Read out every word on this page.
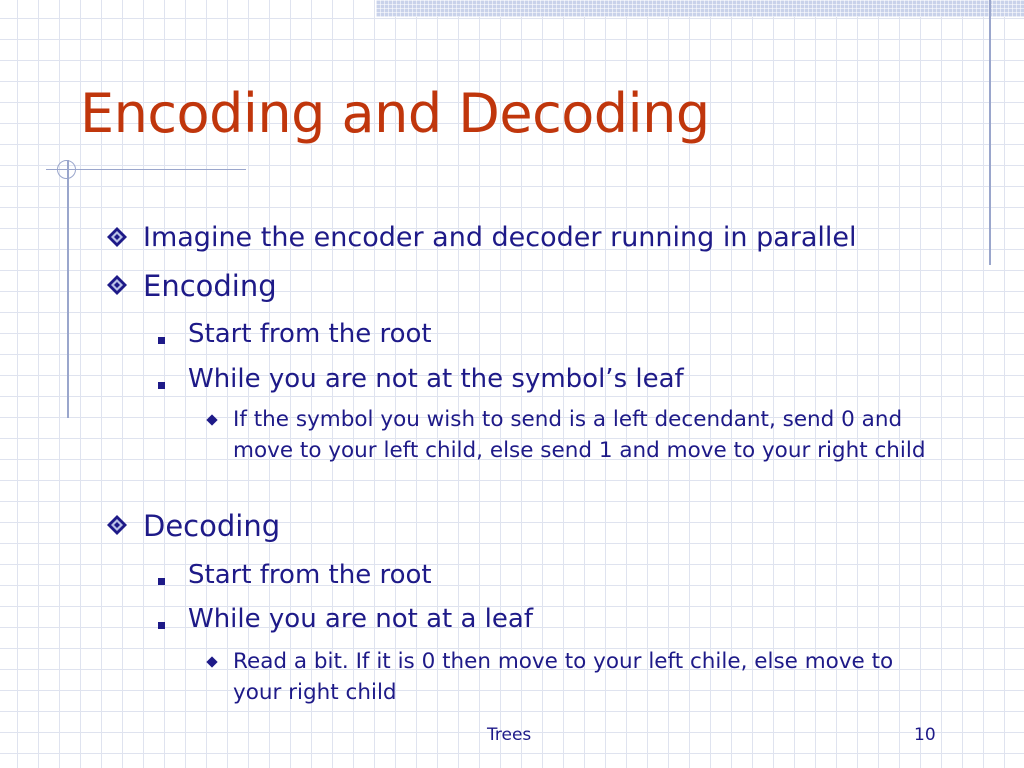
Encoding and Decoding
Imagine the encoder and decoder running in parallel
Encoding
Start from the root
While you are not at the symbol’s leaf
If the symbol you wish to send is a left decendant, send 0 and move to your left child, else send 1 and move to your right child
Decoding
Start from the root
While you are not at a leaf
Read a bit. If it is 0 then move to your left chile, else move to your right child
Trees	10
